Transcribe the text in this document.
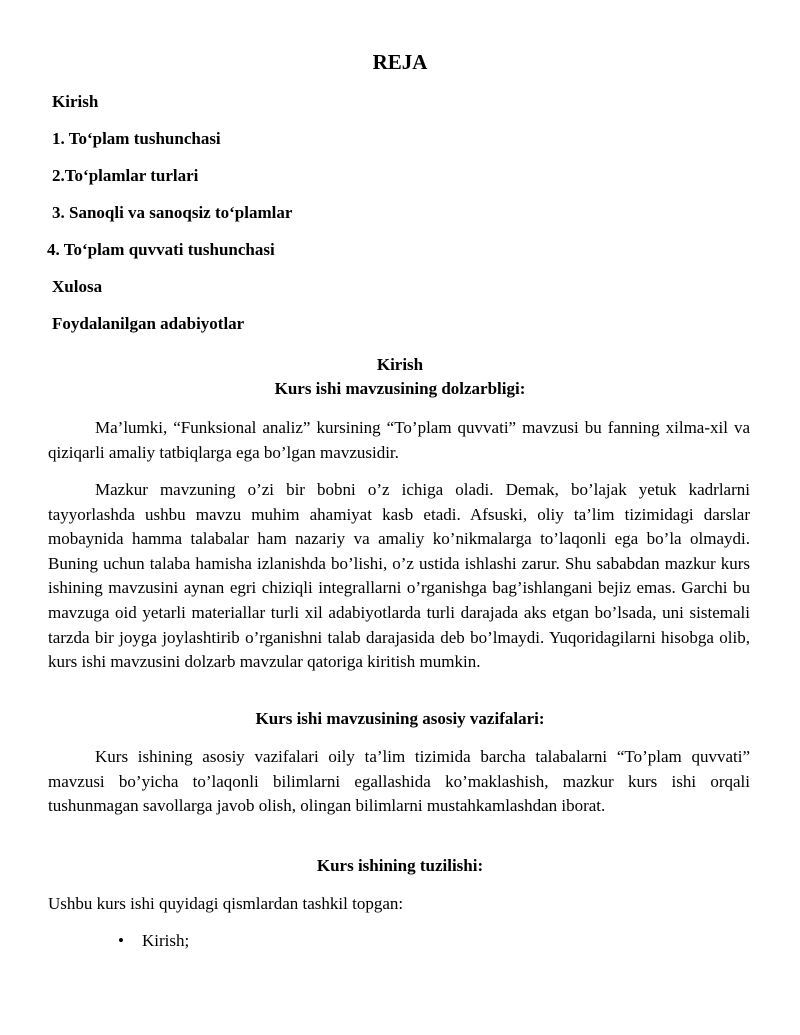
REJA
Kirish
1. To‘plam tushunchasi
2.To‘plamlar turlari
3. Sanoqli va sanoqsiz to‘plamlar
4. To‘plam quvvati tushunchasi
Xulosa
Foydalanilgan adabiyotlar
Kirish
Kurs ishi mavzusining dolzarbligi:
Ma’lumki, “Funksional analiz” kursining “To’plam quvvati” mavzusi bu fanning xilma-xil va qiziqarli amaliy tatbiqlarga ega bo’lgan mavzusidir.
Mazkur mavzuning o’zi bir bobni o’z ichiga oladi. Demak, bo’lajak yetuk kadrlarni tayyorlashda ushbu mavzu muhim ahamiyat kasb etadi. Afsuski, oliy ta’lim tizimidagi darslar mobaynida hamma talabalar ham nazariy va amaliy ko’nikmalarga to’laqonli ega bo’la olmaydi. Buning uchun talaba hamisha izlanishda bo’lishi, o’z ustida ishlashi zarur. Shu sababdan mazkur kurs ishining mavzusini aynan egri chiziqli integrallarni o’rganishga bag’ishlangani bejiz emas. Garchi bu mavzuga oid yetarli materiallar turli xil adabiyotlarda turli darajada aks etgan bo’lsada, uni sistemali tarzda bir joyga joylashtirib o’rganishni talab darajasida deb bo’lmaydi. Yuqoridagilarni hisobga olib, kurs ishi mavzusini dolzarb mavzular qatoriga kiritish mumkin.
Kurs ishi mavzusining asosiy vazifalari:
Kurs ishining asosiy vazifalari oily ta’lim tizimida barcha talabalarni “To’plam quvvati” mavzusi bo’yicha to’laqonli bilimlarni egallashida ko’maklashish, mazkur kurs ishi orqali tushunmagan savollarga javob olish, olingan bilimlarni mustahkamlashdan iborat.
Kurs ishining tuzilishi:
Ushbu kurs ishi quyidagi qismlardan tashkil topgan:
• Kirish;
